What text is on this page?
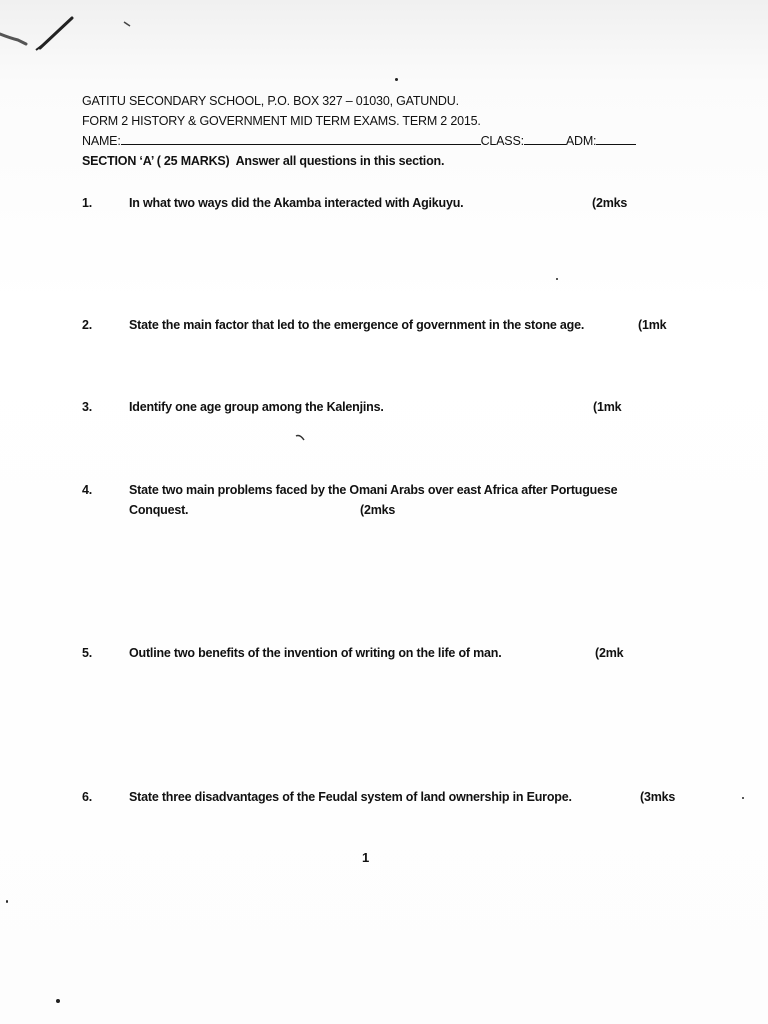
GATITU SECONDARY SCHOOL, P.O. BOX 327 – 01030, GATUNDU.
FORM 2 HISTORY & GOVERNMENT MID TERM EXAMS. TERM 2 2015.
NAME:	CLASS:	ADM:
SECTION ‘A’ ( 25 MARKS) Answer all questions in this section.
1.	In what two ways did the Akamba interacted with Agikuyu.	(2mks
2.	State the main factor that led to the emergence of government in the stone age.	(1mk
3.	Identify one age group among the Kalenjins.	(1mk
4.	State two main problems faced by the Omani Arabs over east Africa after Portuguese
Conquest.	(2mks
5.	Outline two benefits of the invention of writing on the life of man.	(2mk
6.	State three disadvantages of the Feudal system of land ownership in Europe.	(3mks
1
